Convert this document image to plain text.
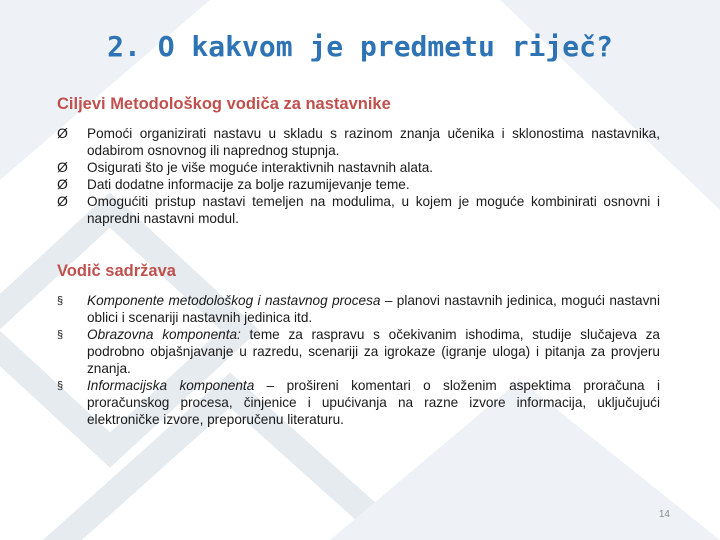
2. O kakvom je predmetu riječ?
Ciljevi Metodološkog vodiča za nastavnike
Ø	Pomoći organizirati nastavu u skladu s razinom znanja učenika i sklonostima nastavnika, odabirom osnovnog ili naprednog stupnja.
Ø	Osigurati što je više moguće interaktivnih nastavnih alata.
Ø	Dati dodatne informacije za bolje razumijevanje teme.
Ø	Omogućiti pristup nastavi temeljen na modulima, u kojem je moguće kombinirati osnovni i napredni nastavni modul.
Vodič sadržava
§	Komponente metodološkog i nastavnog procesa – planovi nastavnih jedinica, mogući nastavni oblici i scenariji nastavnih jedinica itd.
§	Obrazovna komponenta: teme za raspravu s očekivanim ishodima, studije slučajeva za podrobno objašnjavanje u razredu, scenariji za igrokaze (igranje uloga) i pitanja za provjeru znanja.
§	Informacijska komponenta – prošireni komentari o složenim aspektima proračuna i proračunskog procesa, činjenice i upućivanja na razne izvore informacija, uključujući elektroničke izvore, preporučenu literaturu.
14
